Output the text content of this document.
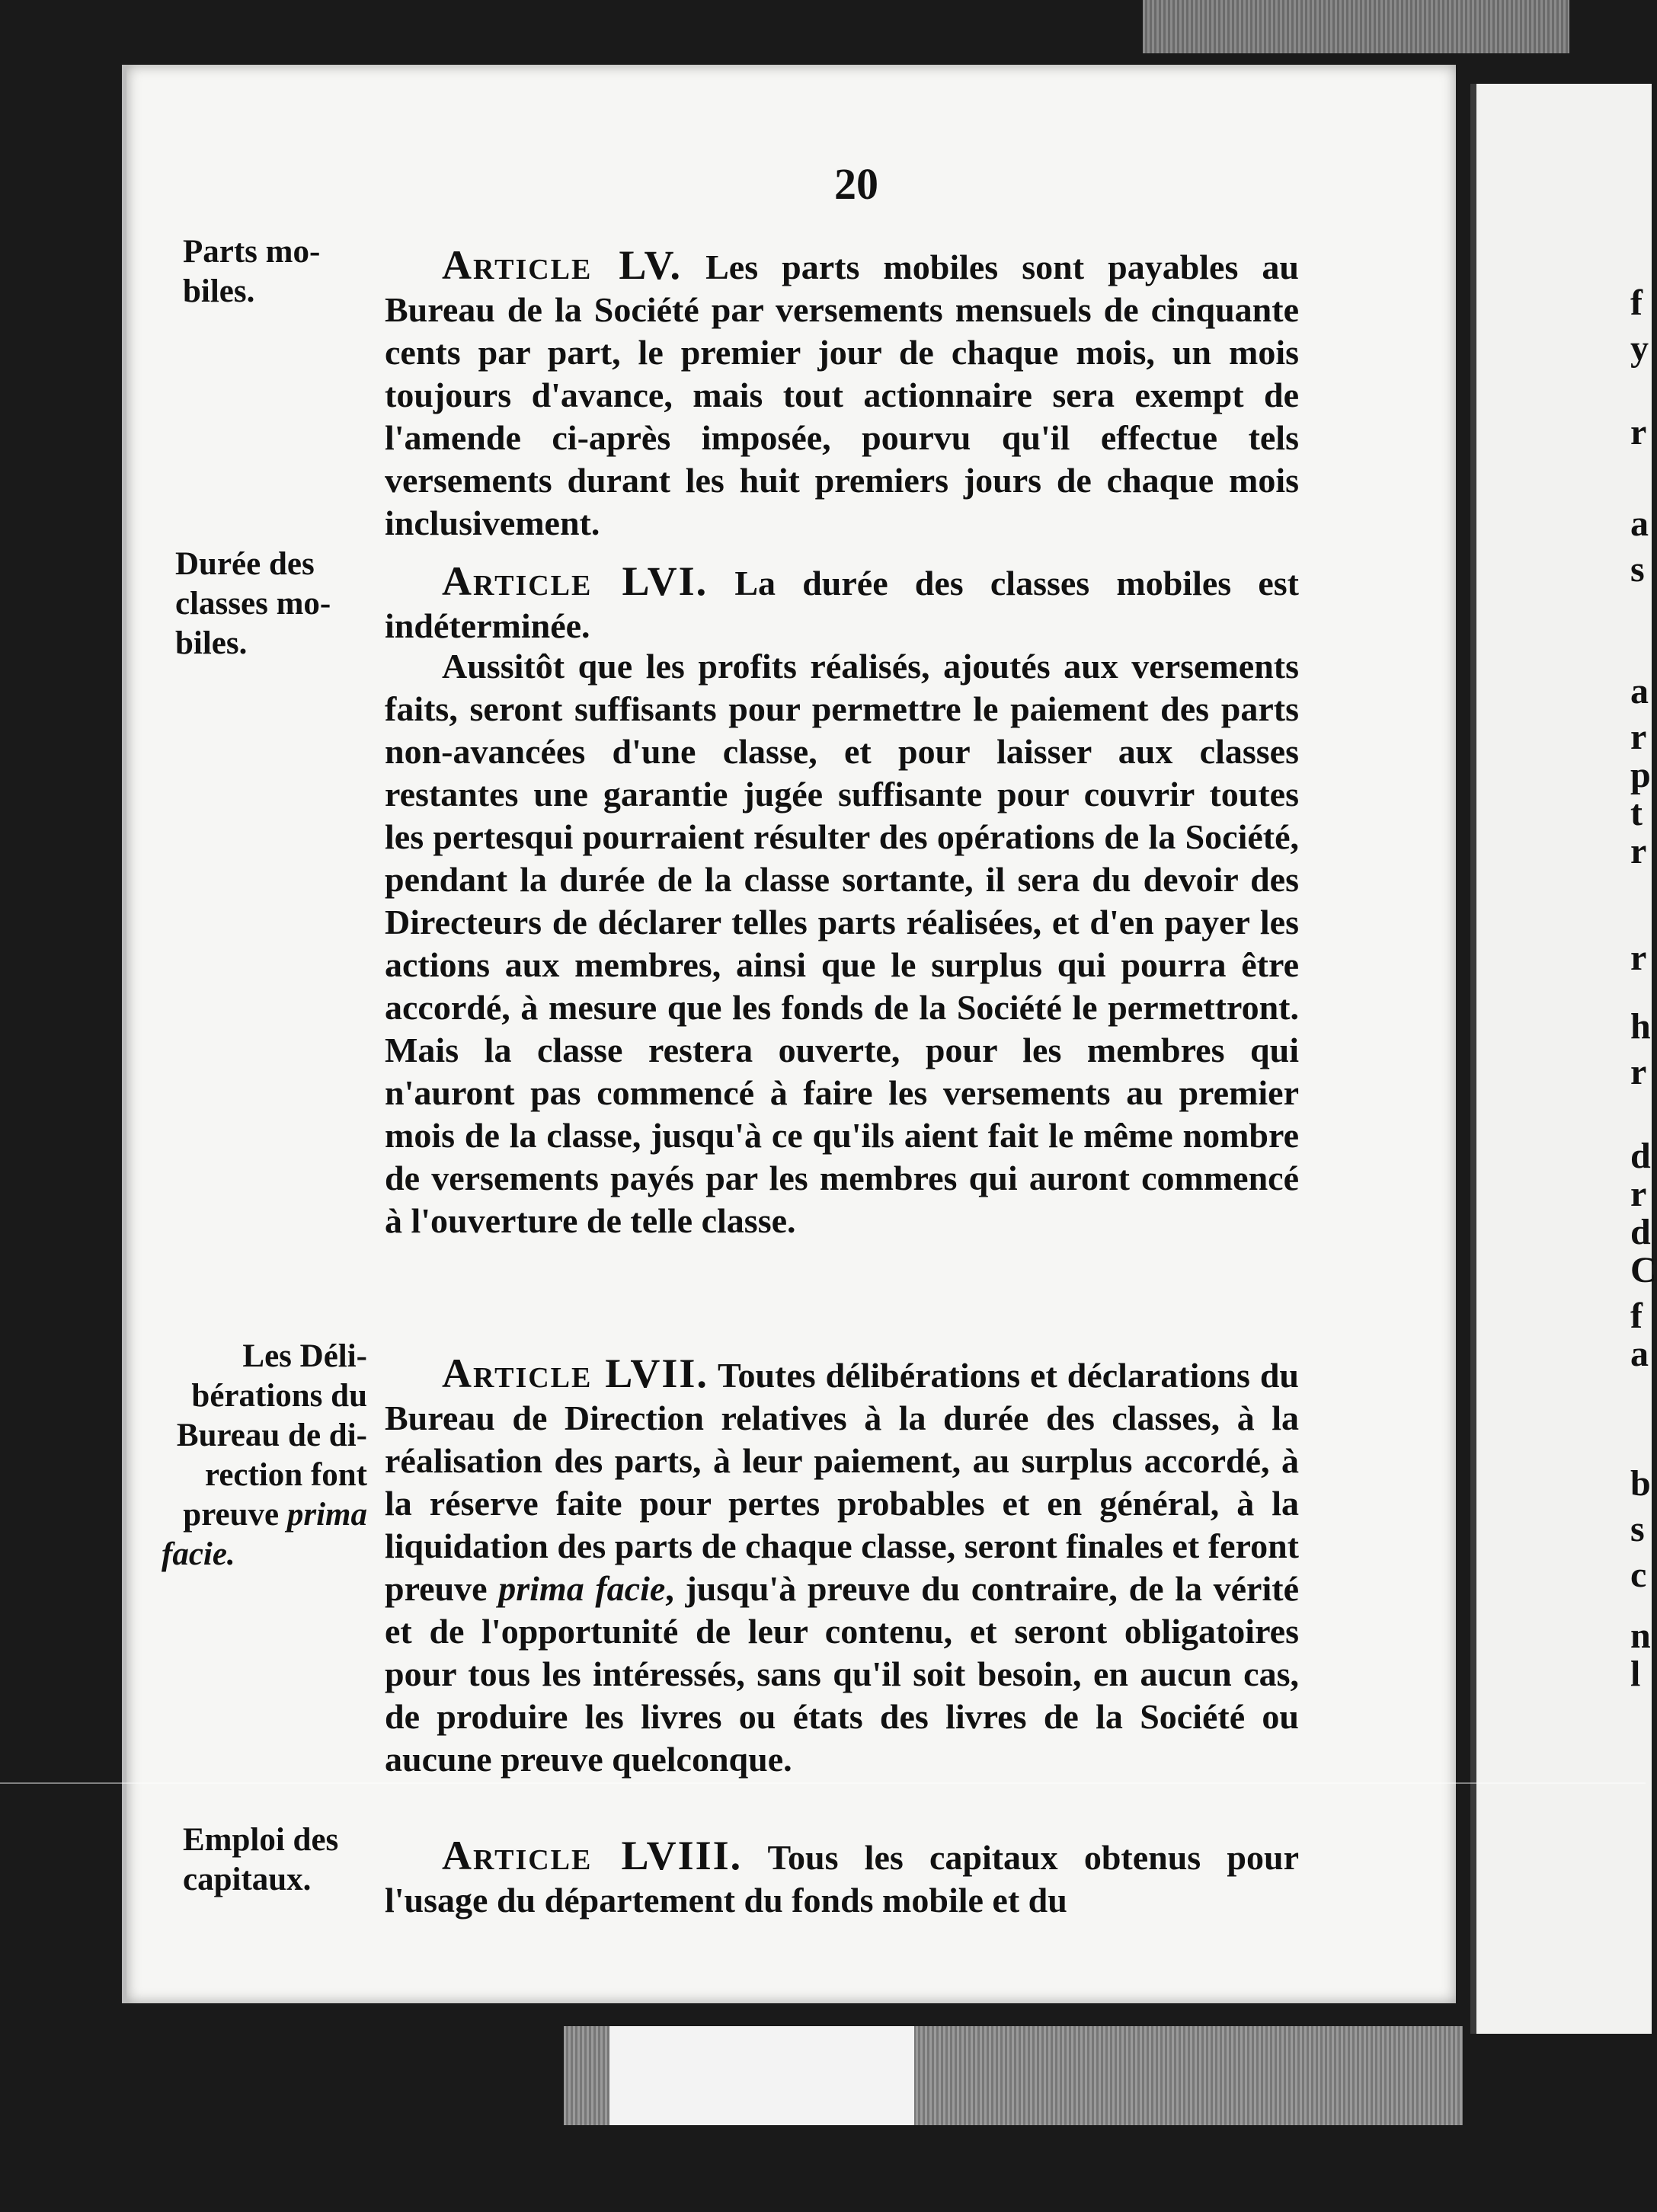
f
y
r
a
s
a
r
p
t
r
r
h
r
d
r
d
C
f
a
b
s
c
n
l
20
Parts mo-
biles.

Article LV. Les parts mobiles sont payables au Bureau de la Société par versements mensuels de cinquante cents par part, le premier jour de chaque mois, un mois toujours d'avance, mais tout actionnaire sera exempt de l'amende ci-après imposée, pourvu qu'il effectue tels versements durant les huit premiers jours de chaque mois inclusivement.

Durée des
classes mo-
biles.

Article LVI. La durée des classes mobiles est indéterminée.

Aussitôt que les profits réalisés, ajoutés aux versements faits, seront suffisants pour permettre le paiement des parts non-avancées d'une classe, et pour laisser aux classes restantes une garantie jugée suffisante pour couvrir toutes les pertesqui pourraient résulter des opérations de la Société, pendant la durée de la classe sortante, il sera du devoir des Directeurs de déclarer telles parts réalisées, et d'en payer les actions aux membres, ainsi que le surplus qui pourra être accordé, à mesure que les fonds de la Société le permettront. Mais la classe restera ouverte, pour les membres qui n'auront pas commencé à faire les versements au premier mois de la classe, jusqu'à ce qu'ils aient fait le même nombre de versements payés par les membres qui auront commencé à l'ouverture de telle classe.

Les Déli-
bérations du
Bureau de di-
rection font
preuve prima
facie.

Article LVII. Toutes délibérations et déclarations du Bureau de Direction relatives à la durée des classes, à la réalisation des parts, à leur paiement, au surplus accordé, à la réserve faite pour pertes probables et en général, à la liquidation des parts de chaque classe, seront finales et feront preuve prima facie, jusqu'à preuve du contraire, de la vérité et de l'opportunité de leur contenu, et seront obligatoires pour tous les intéressés, sans qu'il soit besoin, en aucun cas, de produire les livres ou états des livres de la Société ou aucune preuve quelconque.

Emploi des
capitaux.

Article LVIII. Tous les capitaux obtenus pour l'usage du département du fonds mobile et du
